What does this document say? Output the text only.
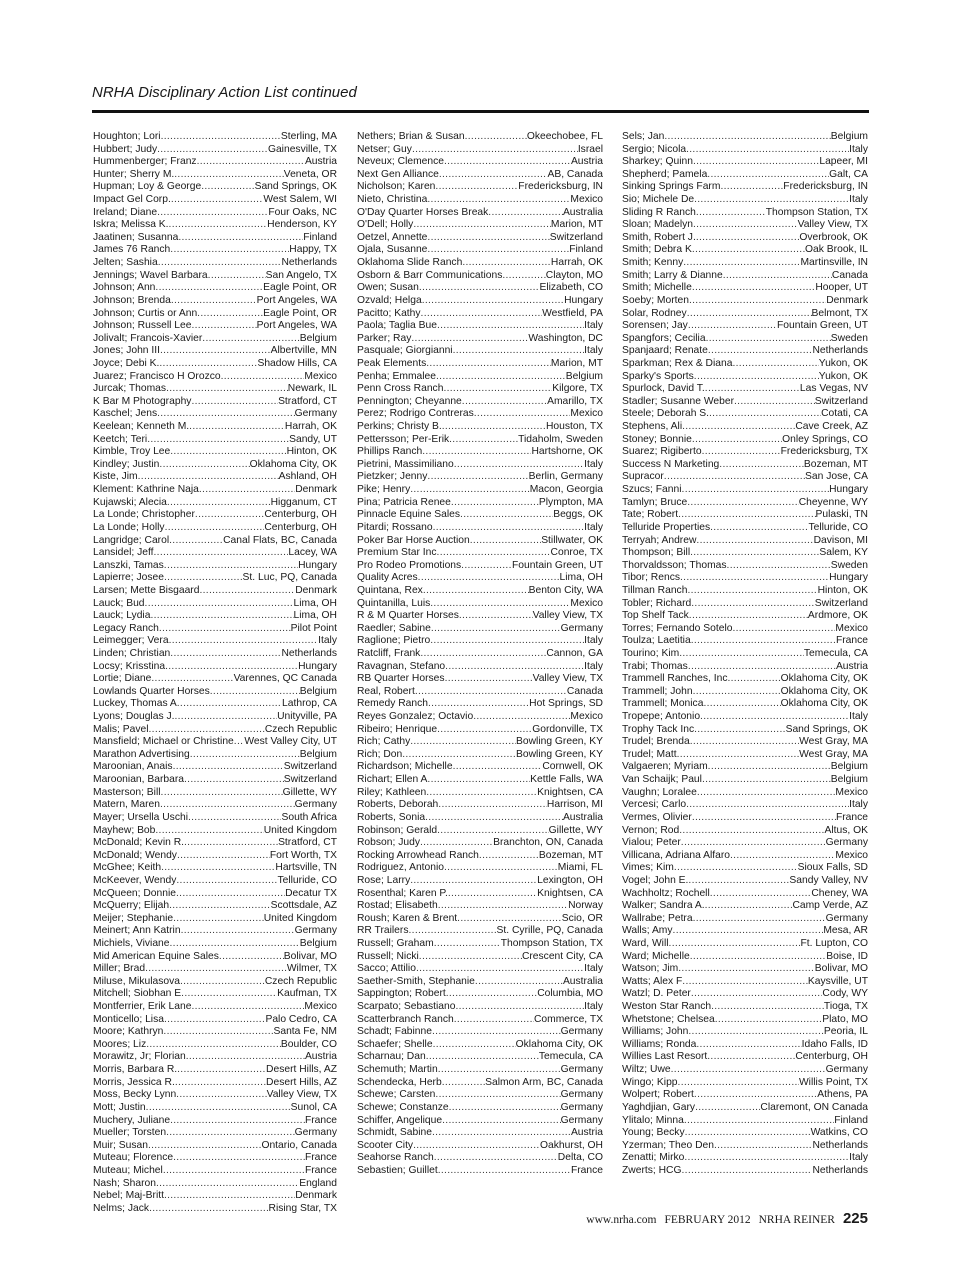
NRHA Disciplinary Action List continued
Houghton; Lori .....	Sterling, MA
Hubbert; Judy .....	Gainesville, TX
Hummenberger; Franz .....	Austria
Hunter; Sherry M. .....	Veneta, OR
Hupman; Loy & George .....	Sand Springs, OK
Impact Gel Corp. .....	West Salem, WI
Ireland; Diane .....	Four Oaks, NC
Iskra; Melissa K. .....	Henderson, KY
Jaatinen; Susanna .....	Finland
James 76 Ranch .....	Happy, TX
Jelten; Sashia .....	Netherlands
Jennings; Wavel Barbara .....	San Angelo, TX
Johnson; Ann .....	Eagle Point, OR
Johnson; Brenda .....	Port Angeles, WA
Johnson; Curtis or Ann .....	Eagle Point, OR
Johnson; Russell Lee .....	Port Angeles, WA
Jolivalt; Francois-Xavier .....	Belgium
Jones; John III .....	Albertville, MN
Joyce; Debi K. .....	Shadow Hills, CA
Juarez; Francisco H Orozco .....	Mexico
Jurcak; Thomas .....	Newark, IL
K Bar M Photography .....	Stratford, CT
Kaschel; Jens .....	Germany
Keelean; Kenneth M. .....	Harrah, OK
Keetch; Teri .....	Sandy, UT
Kimble, Troy Lee .....	Hinton, OK
Kindley; Justin .....	Oklahoma City, OK
Kiste, Jim .....	Ashland, OH
Klement: Kathrine Naja .....	Denmark
Kujawski; Alecia .....	Higganum, CT
La Londe; Christopher .....	Centerburg, OH
La Londe; Holly .....	Centerburg, OH
Langridge; Carol .....	Canal Flats, BC, Canada
Lansidel; Jeff .....	Lacey, WA
Lanszki, Tamas .....	Hungary
Lapierre; Josee .....	St. Luc, PQ, Canada
Larsen; Mette Bisgaard .....	Denmark
Lauck; Bud .....	Lima, OH
Lauck; Lydia .....	Lima, OH
Legacy Ranch .....	Pilot Point
Leimegger; Vera .....	Italy
Linden; Christian .....	Netherlands
Locsy; Krisstina .....	Hungary
Lortie; Diane .....	Varennes, QC Canada
Lowlands Quarter Horses .....	Belgium
Luckey, Thomas A .....	Lathrop, CA
Lyons; Douglas J. .....	Unityville, PA
Malis; Pavel .....	Czech Republic
Mansfield; Michael or Christine ..... West Valley City, UT
Marathon Advertising .....	Belgium
Maroonian, Anais .....	Switzerland
Maroonian, Barbara .....	Switzerland
Masterson; Bill .....	Gillette, WY
Matern, Maren .....	Germany
Mayer; Ursella Uschi .....	South Africa
Mayhew; Bob .....	United Kingdom
McDonald; Kevin R. .....	Stratford, CT
McDonald; Wendy .....	Fort Worth, TX
McGhee; Keith .....	Hartsville, TN
McKeever, Wendy .....	Telluride, CO
McQueen; Donnie .....	Decatur TX
McQuerry; Elijah .....	Scottsdale, AZ
Meijer; Stephanie .....	United Kingdom
Meinert; Ann Katrin .....	Germany
Michiels, Viviane .....	Belgium
Mid American Equine Sales .....	Bolivar, MO
Miller; Brad .....	Wilmer, TX
Miluse, Mikulasova .....	Czech Republic
Mitchell; Siobhan E .....	Kaufman, TX
Montferrier, Erik Lane .....	Mexico
Monticello; Lisa .....	Palo Cedro, CA
Moore; Kathryn .....	Santa Fe, NM
Moores; Liz .....	Boulder, CO
Morawitz, Jr; Florian .....	Austria
Morris, Barbara R. .....	Desert Hills, AZ
Morris, Jessica R. .....	Desert Hills, AZ
Moss, Becky Lynn .....	Valley View, TX
Mott; Justin .....	Sunol, CA
Muchery, Juliane .....	France
Mueller; Torsten .....	Germany
Muir; Susan .....	Ontario, Canada
Muteau; Florence .....	France
Muteau; Michel .....	France
Nash; Sharon .....	England
Nebel; Maj-Britt .....	Denmark
Nelms; Jack .....	Rising Star, TX
Nethers; Brian & Susan .....	Okeechobee, FL
Netser; Guy .....	Israel
Neveux; Clemence .....	Austria
Next Gen Alliance .....	AB, Canada
Nicholson; Karen .....	Fredericksburg, IN
Nieto, Christina .....	Mexico
O'Day Quarter Horses Break .....	Australia
O'Dell; Holly .....	Marion, MT
Oetzel, Annette .....	Switzerland
Ojala, Susanne .....	Finland
Oklahoma Slide Ranch .....	Harrah, OK
Osborn & Barr Communications .....	Clayton, MO
Owen; Susan .....	Elizabeth, CO
Ozvald; Helga .....	Hungary
Pacitto; Kathy .....	Westfield, PA
Paola; Taglia Bue .....	Italy
Parker; Ray .....	Washington, DC
Pasquale; Giorgianni .....	Italy
Peak Elements .....	Marion, MT
Penha; Emmalee .....	Belgium
Penn Cross Ranch .....	Kilgore, TX
Pennington; Cheyanne .....	Amarillo, TX
Perez; Rodrigo Contreras .....	Mexico
Perkins; Christy B. .....	Houston, TX
Pettersson; Per-Erik .....	Tidaholm, Sweden
Phillips Ranch .....	Hartshorne, OK
Pietrini, Massimiliano .....	Italy
Pietzker; Jenny .....	Berlin, Germany
Pike; Henry .....	Macon, Georgia
Pina; Patricia Renee .....	Plympton, MA
Pinnacle Equine Sales .....	Beggs, OK
Pitardi; Rossano .....	Italy
Poker Bar Horse Auction .....	Stillwater, OK
Premium Star Inc .....	Conroe, TX
Pro Rodeo Promotions .....	Fountain Green, UT
Quality Acres .....	Lima, OH
Quintana, Rex .....	Benton City, WA
Quintanilla, Luis .....	Mexico
R & M Quarter Horses .....	Valley View, TX
Raedler; Sabine .....	Germany
Raglione; Pietro .....	Italy
Ratcliff, Frank .....	Cannon, GA
Ravagnan, Stefano .....	Italy
RB Quarter Horses .....	Valley View, TX
Real, Robert .....	Canada
Remedy Ranch .....	Hot Springs, SD
Reyes Gonzalez; Octavio .....	Mexico
Ribeiro; Henrique .....	Gordonville, TX
Rich; Cathy .....	Bowling Green, KY
Rich; Don .....	Bowling Green, KY
Richardson; Michelle .....	Cornwell, OK
Richart; Ellen A .....	Kettle Falls, WA
Riley; Kathleen .....	Knightsen, CA
Roberts, Deborah .....	Harrison, MI
Roberts, Sonia .....	Australia
Robinson; Gerald .....	Gillette, WY
Robson; Judy .....	Branchton, ON, Canada
Rocking Arrowhead Ranch .....	Bozeman, MT
Rodriguez, Antonio .....	Miami, FL
Rose; Larry .....	Lexington, OH
Rosenthal; Karen P. .....	Knightsen, CA
Rostad; Elisabeth .....	Norway
Roush; Karen & Brent .....	Scio, OR
RR Trailers .....	St. Cyrille, PQ, Canada
Russell; Graham .....	Thompson Station, TX
Russell; Nicki .....	Crescent City, CA
Sacco; Attilio .....	Italy
Saether-Smith, Stephanie .....	Australia
Sappington; Robert .....	Columbia, MO
Scarpato; Sebastiano .....	Italy
Scatterbranch Ranch .....	Commerce, TX
Schadt; Fabinne .....	Germany
Schaefer; Shelle .....	Oklahoma City, OK
Scharnau; Dan .....	Temecula, CA
Schemuth; Martin .....	Germany
Schendecka, Herb .....	Salmon Arm, BC, Canada
Schewe; Carsten .....	Germany
Schewe; Constanze .....	Germany
Schiffer, Angelique .....	Germany
Schmidt, Sabine .....	Austria
Scooter City .....	Oakhurst, OH
Seahorse Ranch .....	Delta, CO
Sebastien; Guillet .....	France
Sels; Jan .....	Belgium
Sergio; Nicola .....	Italy
Sharkey; Quinn .....	Lapeer, MI
Shepherd; Pamela .....	Galt, CA
Sinking Springs Farm .....	Fredericksburg, IN
Sio; Michele De .....	Italy
Sliding R Ranch .....	Thompson Station, TX
Sloan; Madelyn .....	Valley View, TX
Smith, Robert J. .....	Overbrook, OK
Smith; Debra K .....	Oak Brook, IL
Smith; Kenny .....	Martinsville, IN
Smith; Larry & Dianne .....	Canada
Smith; Michelle .....	Hooper, UT
Soeby; Morten .....	Denmark
Solar, Rodney .....	Belmont, TX
Sorensen; Jay .....	Fountain Green, UT
Spangfors; Cecilia .....	Sweden
Spanjaard; Renate .....	Netherlands
Sparkman; Rex & Diana .....	Yukon, OK
Sparky's Sports .....	Yukon, OK
Spurlock, David T. .....	Las Vegas, NV
Stadler; Susanne Weber .....	Switzerland
Steele; Deborah S. .....	Cotati, CA
Stephens, Ali .....	Cave Creek, AZ
Stoney; Bonnie .....	Onley Springs, CO
Suarez; Rigiberto .....	Fredericksburg, TX
Success N Marketing .....	Bozeman, MT
Supracor .....	San Jose, CA
Szucs; Fanni .....	Hungary
Tamlyn; Bruce .....	Cheyenne, WY
Tate; Robert .....	Pulaski, TN
Telluride Properties .....	Telluride, CO
Terryah; Andrew .....	Davison, MI
Thompson; Bill .....	Salem, KY
Thorvaldsson; Thomas .....	Sweden
Tibor; Rencs .....	Hungary
Tillman Ranch .....	Hinton, OK
Tobler; Richard .....	Switzerland
Top Shelf Tack .....	Ardmore, OK
Torres; Fernando Sotelo .....	Mexico
Toulza; Laetitia .....	France
Tourino; Kim .....	Temecula, CA
Trabi; Thomas .....	Austria
Trammell Ranches, Inc .....	Oklahoma City, OK
Trammell; John .....	Oklahoma City, OK
Trammell; Monica .....	Oklahoma City, OK
Tropepe; Antonio .....	Italy
Trophy Tack Inc .....	Sand Springs, OK
Trudel; Brenda .....	West Gray, MA
Trudel; Matt .....	West Gray, MA
Valgaeren; Myriam .....	Belgium
Van Schaijk; Paul .....	Belgium
Vaughn; Loralee .....	Mexico
Vercesi; Carlo .....	Italy
Vermes, Olivier .....	France
Vernon; Rod .....	Altus, OK
Vialou; Peter .....	Germany
Villicana, Adriana Alfaro .....	Mexico
Vimes; Kim .....	Sioux Falls, SD
Vogel; John E. .....	Sandy Valley, NV
Wachholtz; Rochell .....	Cheney, WA
Walker; Sandra A. .....	Camp Verde, AZ
Wallrabe; Petra .....	Germany
Walls; Amy .....	Mesa, AR
Ward, Will .....	Ft. Lupton, CO
Ward; Michelle .....	Boise, ID
Watson; Jim .....	Bolivar, MO
Watts; Alex F .....	Kaysville, UT
Watzl; D. Peter .....	Cody, WY
Weston Star Ranch .....	Tioga, TX
Whetstone; Chelsea .....	Plato, MO
Williams; John .....	Peoria, IL
Williams; Ronda .....	Idaho Falls, ID
Willies Last Resort .....	Centerburg, OH
Wiltz; Uwe .....	Germany
Wingo; Kipp .....	Willis Point, TX
Wolpert; Robert .....	Athens, PA
Yaghdjian, Gary .....	Claremont, ON Canada
Ylitalo; Minna .....	Finland
Young; Becky .....	Watkins, CO
Yzerman; Theo Den .....	Netherlands
Zenatti; Mirko .....	Italy
Zwerts; HCG .....	Netherlands
www.nrha.com FEBRUARY 2012 NRHA REINER 225
